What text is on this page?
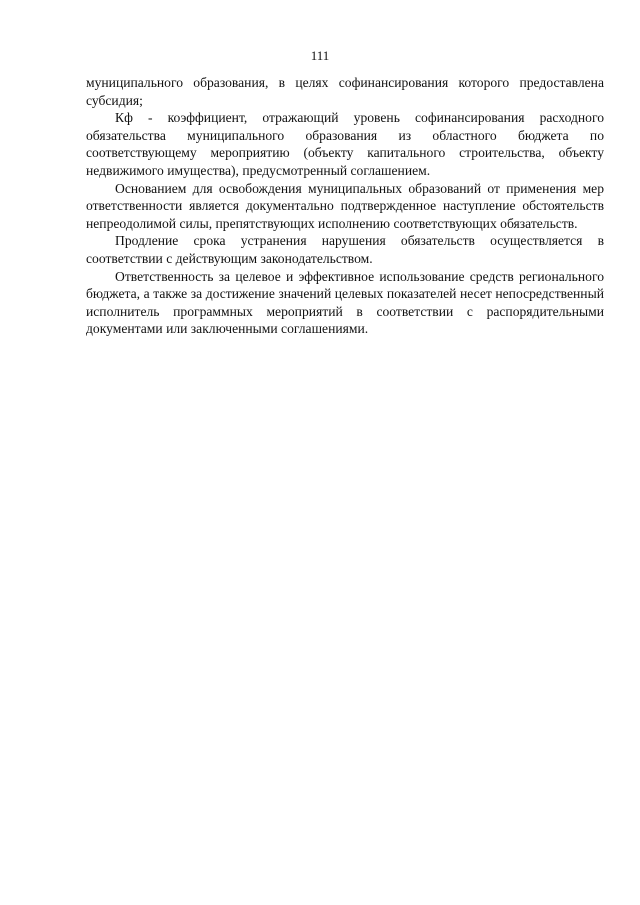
111

муниципального образования, в целях софинансирования которого предоставлена субсидия;

Кф - коэффициент, отражающий уровень софинансирования расходного обязательства муниципального образования из областного бюджета по соответствующему мероприятию (объекту капитального строительства, объекту недвижимого имущества), предусмотренный соглашением.

Основанием для освобождения муниципальных образований от применения мер ответственности является документально подтвержденное наступление обстоятельств непреодолимой силы, препятствующих исполнению соответствующих обязательств.

Продление срока устранения нарушения обязательств осуществляется в соответствии с действующим законодательством.

Ответственность за целевое и эффективное использование средств регионального бюджета, а также за достижение значений целевых показателей несет непосредственный исполнитель программных мероприятий в соответствии с распорядительными документами или заключенными соглашениями.
